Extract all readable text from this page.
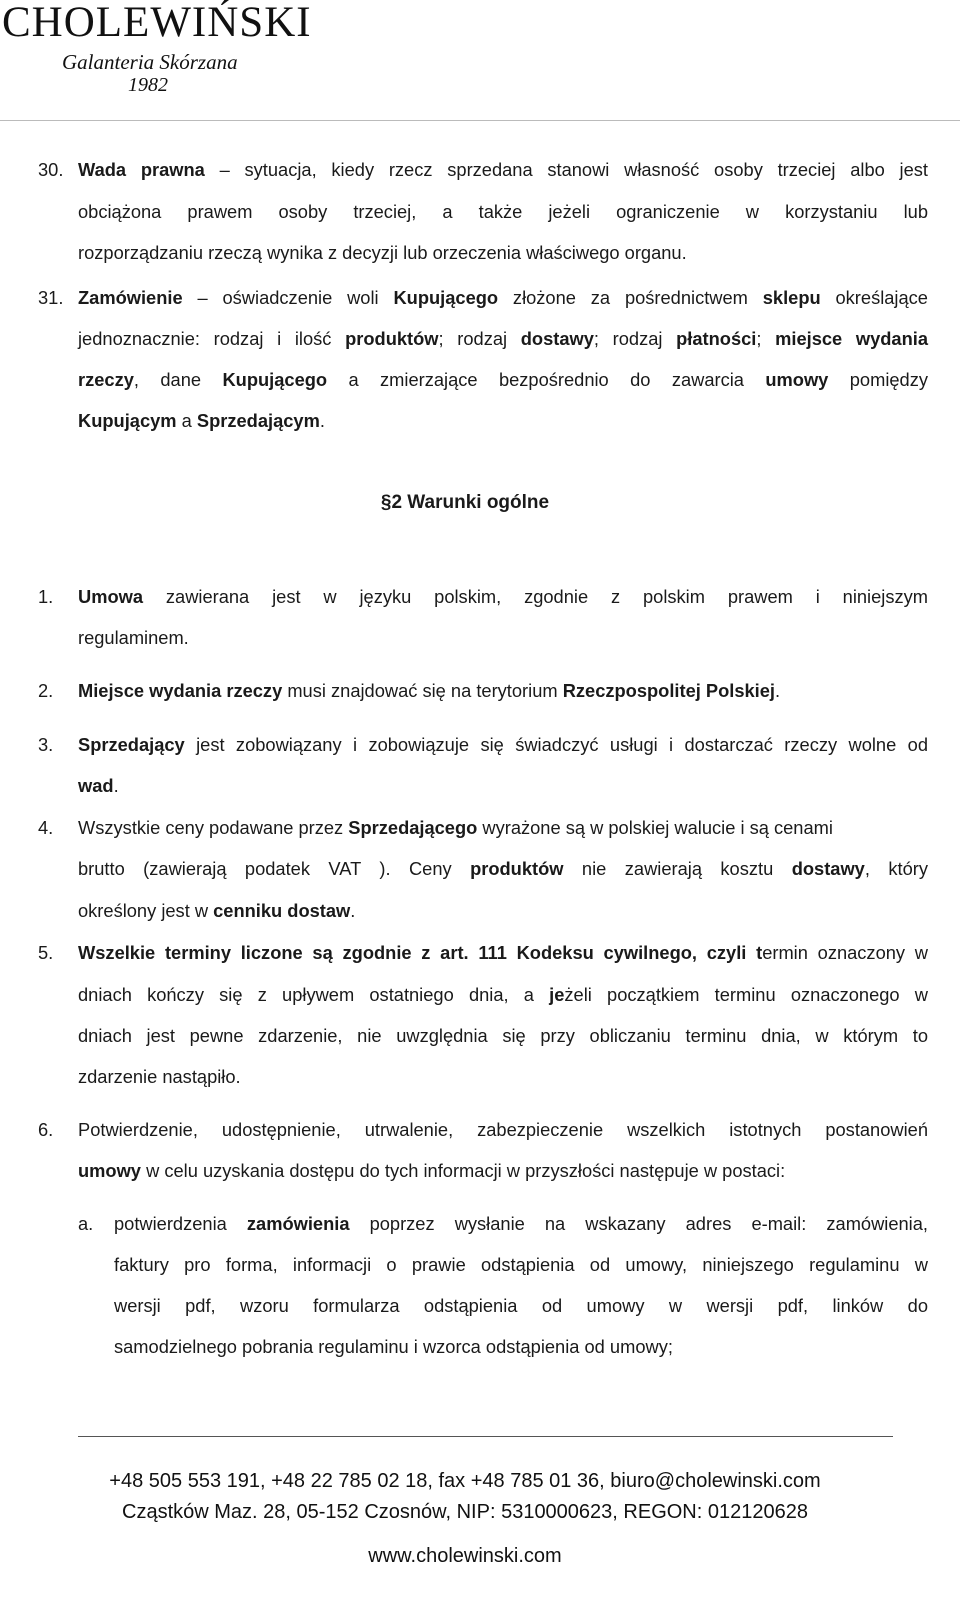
CHOLEWIŃSKI
Galanteria Skórzana
1982
30. Wada prawna – sytuacja, kiedy rzecz sprzedana stanowi własność osoby trzeciej albo jest
obciążona prawem osoby trzeciej, a także jeżeli ograniczenie w korzystaniu lub
rozporządzaniu rzeczą wynika z decyzji lub orzeczenia właściwego organu.
31. Zamówienie – oświadczenie woli Kupującego złożone za pośrednictwem sklepu określające
jednoznacznie: rodzaj i ilość produktów; rodzaj dostawy; rodzaj płatności; miejsce wydania
rzeczy, dane Kupującego a zmierzające bezpośrednio do zawarcia umowy pomiędzy
Kupującym a Sprzedającym.
§2 Warunki ogólne
1. Umowa zawierana jest w języku polskim, zgodnie z polskim prawem i niniejszym
regulaminem.
2. Miejsce wydania rzeczy musi znajdować się na terytorium Rzeczpospolitej Polskiej.
3. Sprzedający jest zobowiązany i zobowiązuje się świadczyć usługi i dostarczać rzeczy wolne od
wad.
4. Wszystkie ceny podawane przez Sprzedającego wyrażone są w polskiej walucie i są cenami
brutto (zawierają podatek VAT ). Ceny produktów nie zawierają kosztu dostawy, który
określony jest w cenniku dostaw.
5. Wszelkie terminy liczone są zgodnie z art. 111 Kodeksu cywilnego, czyli termin oznaczony w
dniach kończy się z upływem ostatniego dnia, a jeżeli początkiem terminu oznaczonego w
dniach jest pewne zdarzenie, nie uwzględnia się przy obliczaniu terminu dnia, w którym to
zdarzenie nastąpiło.
6. Potwierdzenie, udostępnienie, utrwalenie, zabezpieczenie wszelkich istotnych postanowień
umowy w celu uzyskania dostępu do tych informacji w przyszłości następuje w postaci:
a. potwierdzenia zamówienia poprzez wysłanie na wskazany adres e-mail: zamówienia,
faktury pro forma, informacji o prawie odstąpienia od umowy, niniejszego regulaminu w
wersji pdf, wzoru formularza odstąpienia od umowy w wersji pdf, linków do
samodzielnego pobrania regulaminu i wzorca odstąpienia od umowy;
+48 505 553 191, +48 22 785 02 18, fax +48 785 01 36, biuro@cholewinski.com
Cząstków Maz. 28, 05-152 Czosnów, NIP: 5310000623, REGON: 012120628
www.cholewinski.com
